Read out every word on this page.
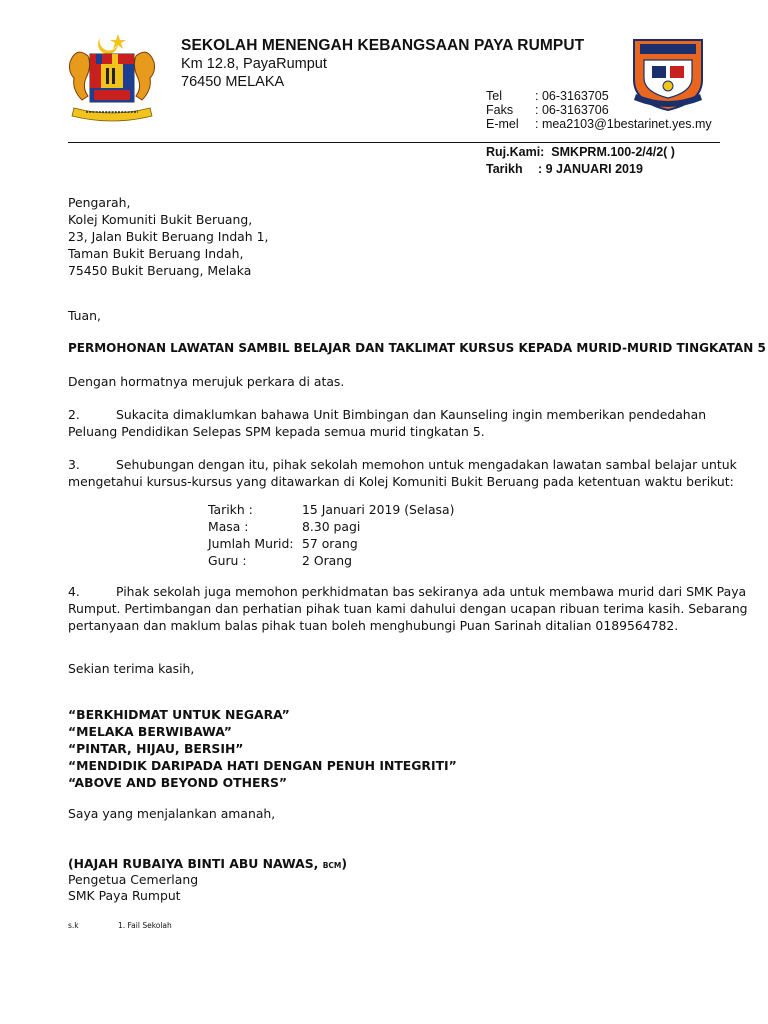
SEKOLAH MENENGAH KEBANGSAAN PAYA RUMPUT
Km 12.8, PayaRumput
76450 MELAKA
Tel	: 06-3163705
Faks : 06-3163706
E-mel : mea2103@1bestarinet.yes.my
Ruj.Kami: SMKPRM.100-2/4/2( )
Tarikh : 9 JANUARI 2019
Pengarah,
Kolej Komuniti Bukit Beruang,
23, Jalan Bukit Beruang Indah 1,
Taman Bukit Beruang Indah,
75450 Bukit Beruang, Melaka
Tuan,
PERMOHONAN LAWATAN SAMBIL BELAJAR DAN TAKLIMAT KURSUS KEPADA MURID-MURID TINGKATAN 5
Dengan hormatnya merujuk perkara di atas.
2.	Sukacita dimaklumkan bahawa Unit Bimbingan dan Kaunseling ingin memberikan pendedahan
Peluang Pendidikan Selepas SPM kepada semua murid tingkatan 5.
3.	Sehubungan dengan itu, pihak sekolah memohon untuk mengadakan lawatan sambal belajar untuk
mengetahui kursus-kursus yang ditawarkan di Kolej Komuniti Bukit Beruang pada ketentuan waktu berikut:
Tarikh :	15 Januari 2019 (Selasa)
Masa :	8.30 pagi
Jumlah Murid: 57 orang
Guru :	2 Orang
4.	Pihak sekolah juga memohon perkhidmatan bas sekiranya ada untuk membawa murid dari SMK Paya
Rumput. Pertimbangan dan perhatian pihak tuan kami dahului dengan ucapan ribuan terima kasih. Sebarang
pertanyaan dan maklum balas pihak tuan boleh menghubungi Puan Sarinah ditalian 0189564782.
Sekian terima kasih,
“BERKHIDMAT UNTUK NEGARA”
“MELAKA BERWIBAWA”
“PINTAR, HIJAU, BERSIH”
“MENDIDIK DARIPADA HATI DENGAN PENUH INTEGRITI”
“ABOVE AND BEYOND OTHERS”
Saya yang menjalankan amanah,
(HAJAH RUBAIYA BINTI ABU NAWAS, BCM)
Pengetua Cemerlang
SMK Paya Rumput
s.k	1. Fail Sekolah
